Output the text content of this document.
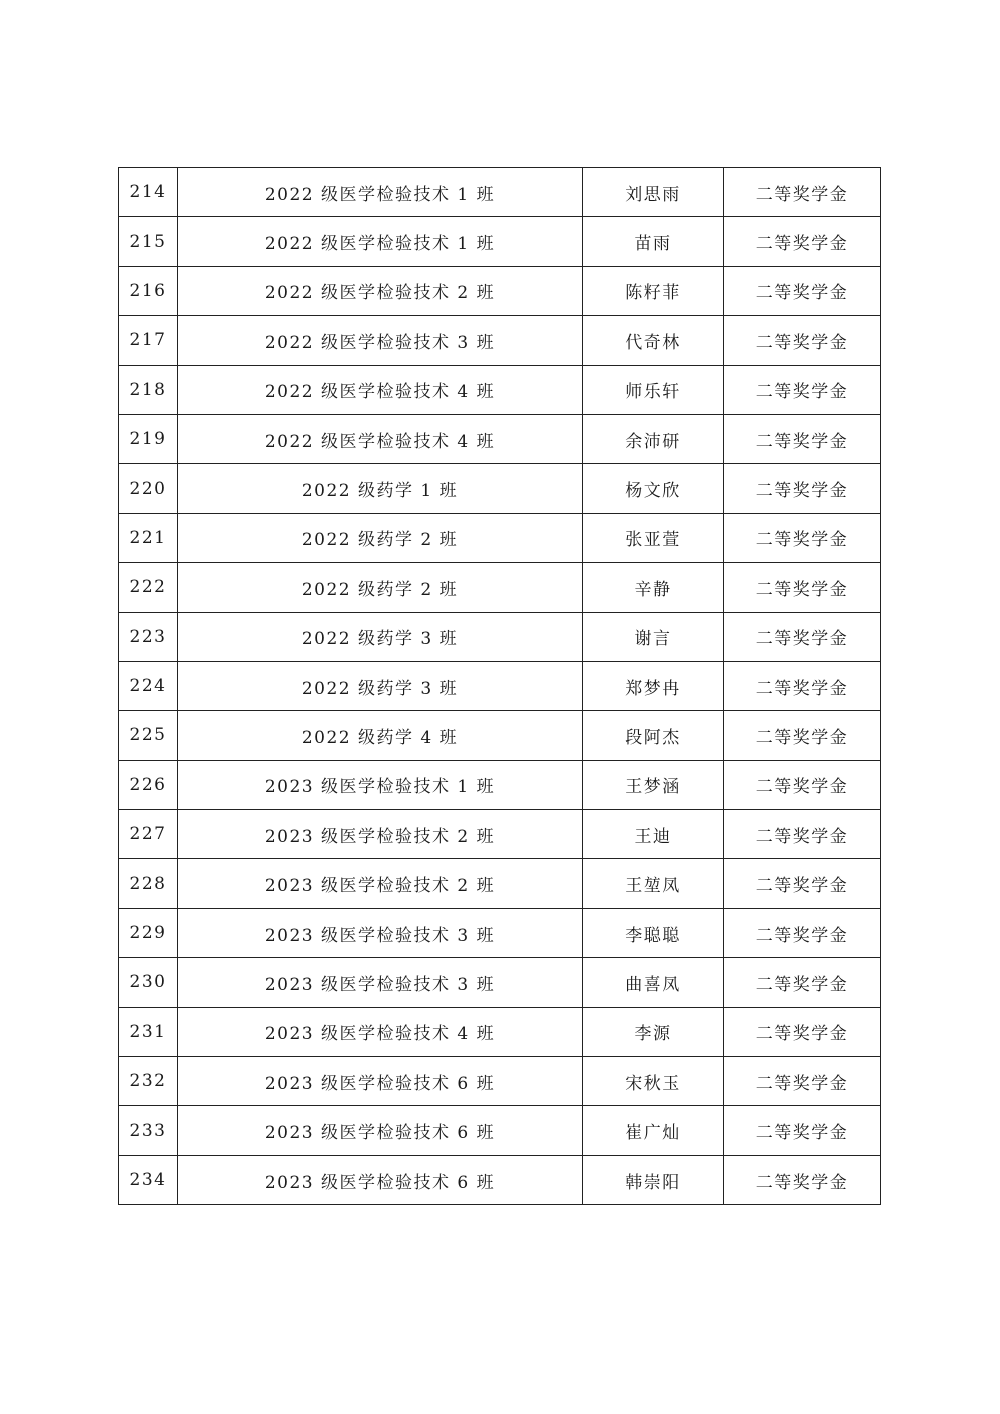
214	2022 级医学检验技术 1 班	刘思雨	二等奖学金
215	2022 级医学检验技术 1 班	苗雨	二等奖学金
216	2022 级医学检验技术 2 班	陈籽菲	二等奖学金
217	2022 级医学检验技术 3 班	代奇林	二等奖学金
218	2022 级医学检验技术 4 班	师乐轩	二等奖学金
219	2022 级医学检验技术 4 班	余沛研	二等奖学金
220	2022 级药学 1 班	杨文欣	二等奖学金
221	2022 级药学 2 班	张亚萱	二等奖学金
222	2022 级药学 2 班	辛静	二等奖学金
223	2022 级药学 3 班	谢言	二等奖学金
224	2022 级药学 3 班	郑梦冉	二等奖学金
225	2022 级药学 4 班	段阿杰	二等奖学金
226	2023 级医学检验技术 1 班	王梦涵	二等奖学金
227	2023 级医学检验技术 2 班	王迪	二等奖学金
228	2023 级医学检验技术 2 班	王堃凤	二等奖学金
229	2023 级医学检验技术 3 班	李聪聪	二等奖学金
230	2023 级医学检验技术 3 班	曲喜凤	二等奖学金
231	2023 级医学检验技术 4 班	李源	二等奖学金
232	2023 级医学检验技术 6 班	宋秋玉	二等奖学金
233	2023 级医学检验技术 6 班	崔广灿	二等奖学金
234	2023 级医学检验技术 6 班	韩崇阳	二等奖学金
